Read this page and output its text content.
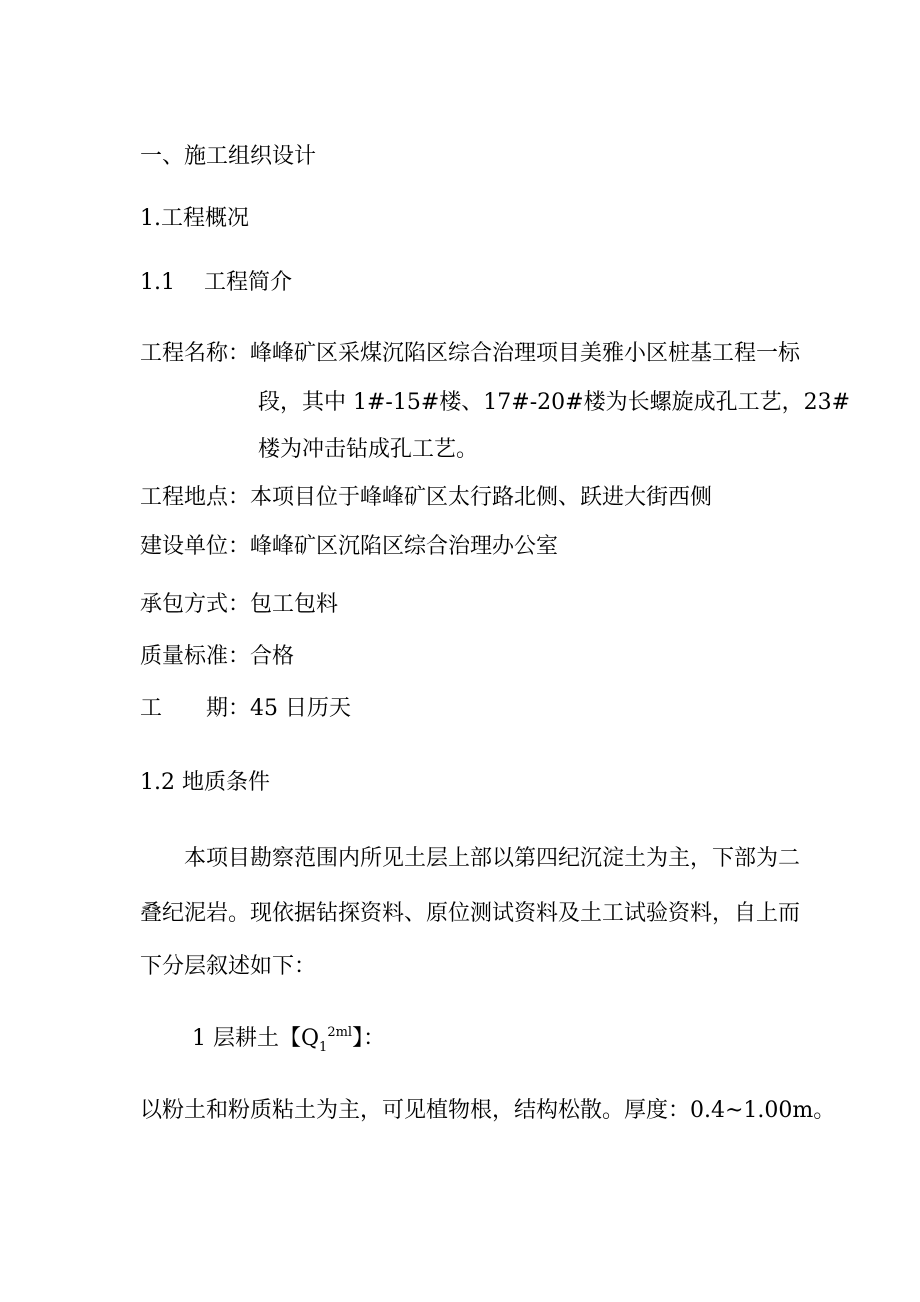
一、施工组织设计
1.工程概况
1.1　 工程简介
工程名称：峰峰矿区采煤沉陷区综合治理项目美雅小区桩基工程一标
段，其中 1#-15#楼、17#-20#楼为长螺旋成孔工艺，23#
楼为冲击钻成孔工艺。
工程地点：本项目位于峰峰矿区太行路北侧、跃进大街西侧
建设单位：峰峰矿区沉陷区综合治理办公室
承包方式：包工包料
质量标准：合格
工　　期：45 日历天
1.2 地质条件
本项目勘察范围内所见土层上部以第四纪沉淀土为主，下部为二
叠纪泥岩。现依据钻探资料、原位测试资料及土工试验资料，自上而
下分层叙述如下：
1 层耕土【$Q_1^{2ml}$】：
以粉土和粉质粘土为主，可见植物根，结构松散。厚度：0.4~1.00m。
